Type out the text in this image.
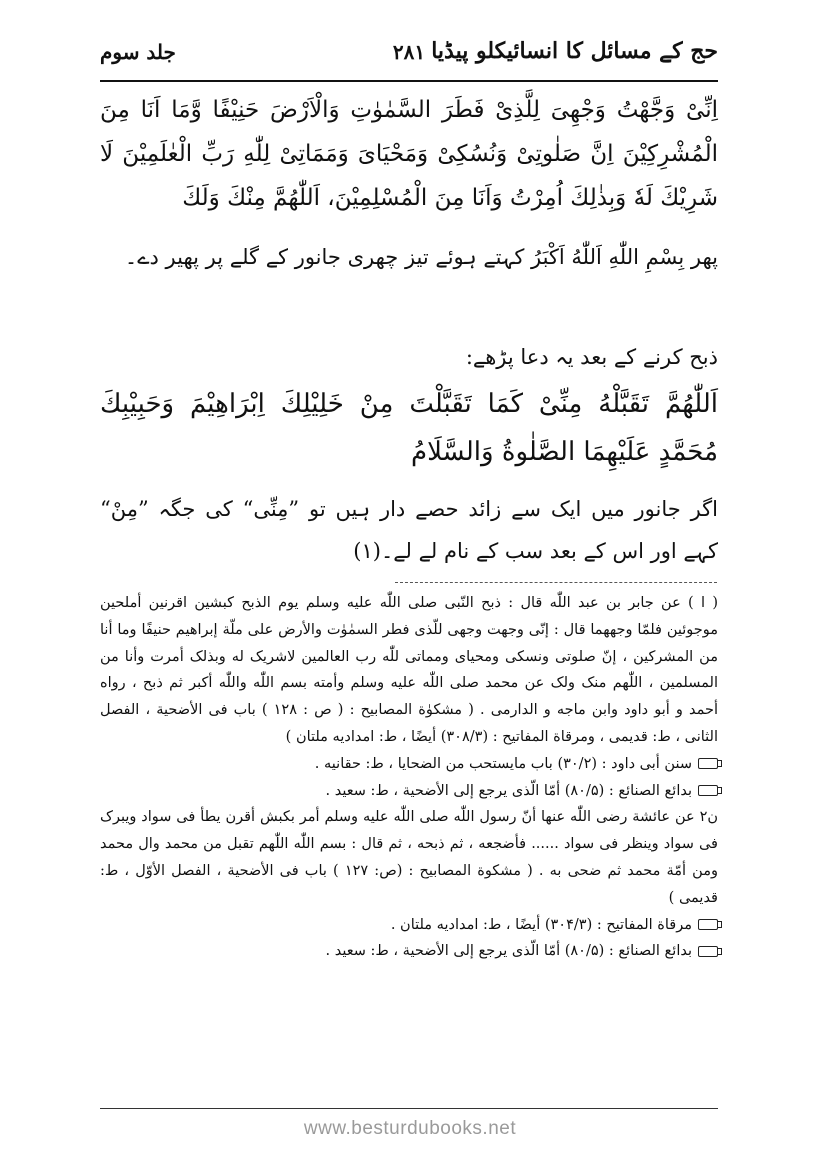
حج کے مسائل کا انسائیکلو پیڈیا
۲۸۱
جلد سوم
اِنِّیْ وَجَّهْتُ وَجْهِیَ لِلَّذِیْ فَطَرَ السَّمٰوٰتِ وَالْاَرْضَ حَنِیْفًا وَّمَا اَنَا مِنَ الْمُشْرِكِیْنَ اِنَّ صَلٰوتِیْ وَنُسُكِیْ وَمَحْیَایَ وَمَمَاتِیْ لِلّٰهِ رَبِّ الْعٰلَمِیْنَ لَا شَرِیْكَ لَهٗ وَبِذٰلِكَ اُمِرْتُ وَاَنَا مِنَ الْمُسْلِمِیْنَ، اَللّٰهُمَّ مِنْكَ وَلَكَ
پھر بِسْمِ اللّٰهِ اَللّٰهُ اَكْبَرُ کہتے ہوئے تیز چھری جانور کے گلے پر پھیر دے۔
ذبح کرنے کے بعد یہ دعا پڑھے:
اَللّٰهُمَّ تَقَبَّلْهُ مِنِّیْ كَمَا تَقَبَّلْتَ مِنْ خَلِیْلِكَ اِبْرَاهِیْمَ وَحَبِیْبِكَ مُحَمَّدٍ عَلَیْهِمَا الصَّلٰوةُ وَالسَّلَامُ
اگر جانور میں ایک سے زائد حصے دار ہیں تو ”مِنِّی“ کی جگہ ”مِنْ“ کہے اور اس کے بعد سب کے نام لے لے۔(۱)

( ا ) عن جابر بن عبد اللّٰه قال : ذبح النّبی صلی اللّٰه علیه وسلم یوم الذبح كبشین اقرنین أملحین موجوئین فلمّا وجههما قال : إنّی وجهت وجهی للّذی فطر السمٰوٰت والأرض علی ملّة إبراهیم حنیفًا وما أنا من المشركین ، إنّ صلوتی ونسكی ومحیای ومماتی للّٰه رب العالمین لاشریک له وبذلک أمرت وأنا من المسلمین ، اللّٰهم منک ولک عن محمد صلی اللّٰه علیه وسلم وأمته بسم اللّٰه واللّٰه أكبر ثم ذبح ، رواه أحمد و أبو داود وابن ماجه و الدارمی . ( مشكوٰة المصابیح : ( ص : ۱۲۸ ) باب فی الأضحیة ، الفصل الثانی ، ط: قدیمی ، ومرقاة المفاتیح : (۳۰۸/۳) أیضًا ، ط: امدادیه ملتان )

سنن أبی داود : (۳۰/۲) باب مایستحب من الضحایا ، ط: حقانیه .

بدائع الصنائع : (۸۰/۵) أمّا الّذی یرجع إلی الأضحیة ، ط: سعید .

ن۲ عن عائشة رضی اللّٰه عنها أنّ رسول اللّٰه صلی اللّٰه علیه وسلم أمر بكبش أقرن یطأ فی سواد ویبرک فی سواد وینظر فی سواد ...... فأضجعه ، ثم ذبحه ، ثم قال : بسم اللّٰه اللّٰهم تقبل من محمد وال محمد ومن أمّة محمد ثم ضحی به . ( مشكوة المصابیح : (ص: ۱۲۷ ) باب فی الأضحیة ، الفصل الأوّل ، ط: قدیمی )

مرقاة المفاتیح : (۳۰۴/۳) أیضًا ، ط: امدادیه ملتان .

بدائع الصنائع : (۸۰/۵) أمّا الّذی یرجع إلی الأضحیة ، ط: سعید .

www.besturdubooks.net
